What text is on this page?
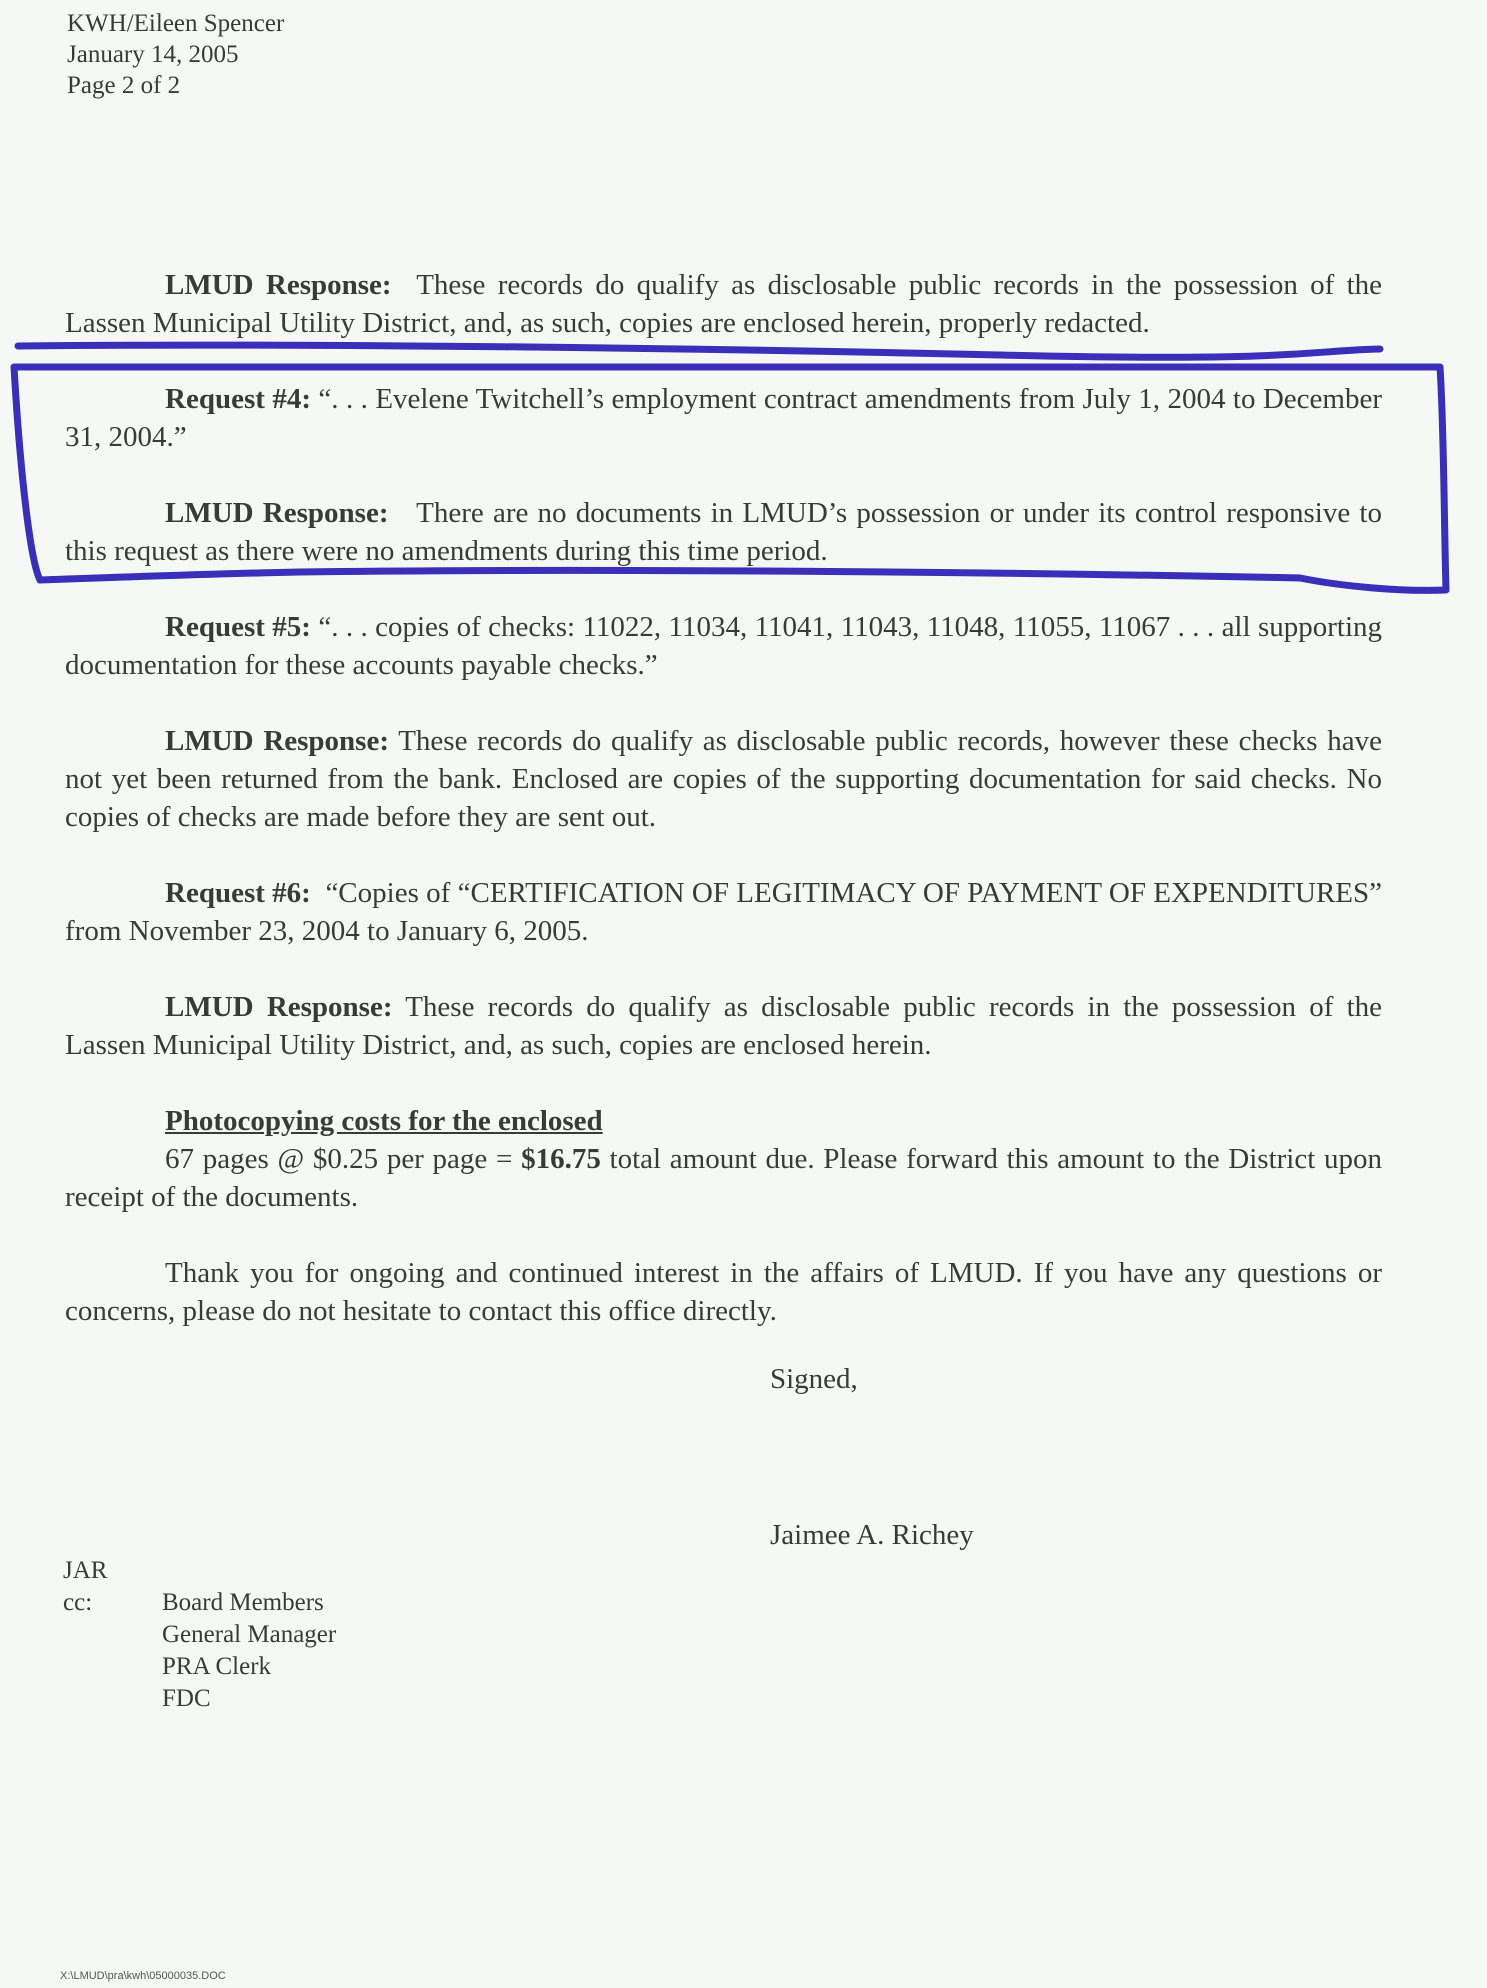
KWH/Eileen Spencer
January 14, 2005
Page 2 of 2
LMUD Response: These records do qualify as disclosable public records in the possession of the Lassen Municipal Utility District, and, as such, copies are enclosed herein, properly redacted.
Request #4: “. . . Evelene Twitchell’s employment contract amendments from July 1, 2004 to December 31, 2004.”
LMUD Response: There are no documents in LMUD’s possession or under its control responsive to this request as there were no amendments during this time period.
Request #5: “. . . copies of checks: 11022, 11034, 11041, 11043, 11048, 11055, 11067 . . . all supporting documentation for these accounts payable checks.”
LMUD Response: These records do qualify as disclosable public records, however these checks have not yet been returned from the bank. Enclosed are copies of the supporting documentation for said checks. No copies of checks are made before they are sent out.
Request #6: “Copies of “CERTIFICATION OF LEGITIMACY OF PAYMENT OF EXPENDITURES” from November 23, 2004 to January 6, 2005.
LMUD Response: These records do qualify as disclosable public records in the possession of the Lassen Municipal Utility District, and, as such, copies are enclosed herein.
Photocopying costs for the enclosed
67 pages @ $0.25 per page = $16.75 total amount due. Please forward this amount to the District upon receipt of the documents.
Thank you for ongoing and continued interest in the affairs of LMUD. If you have any questions or concerns, please do not hesitate to contact this office directly.
Signed,
Jaimee A. Richey
JAR
cc:	Board Members
General Manager
PRA Clerk
FDC
X:\LMUD\pra\kwh\05000035.DOC
